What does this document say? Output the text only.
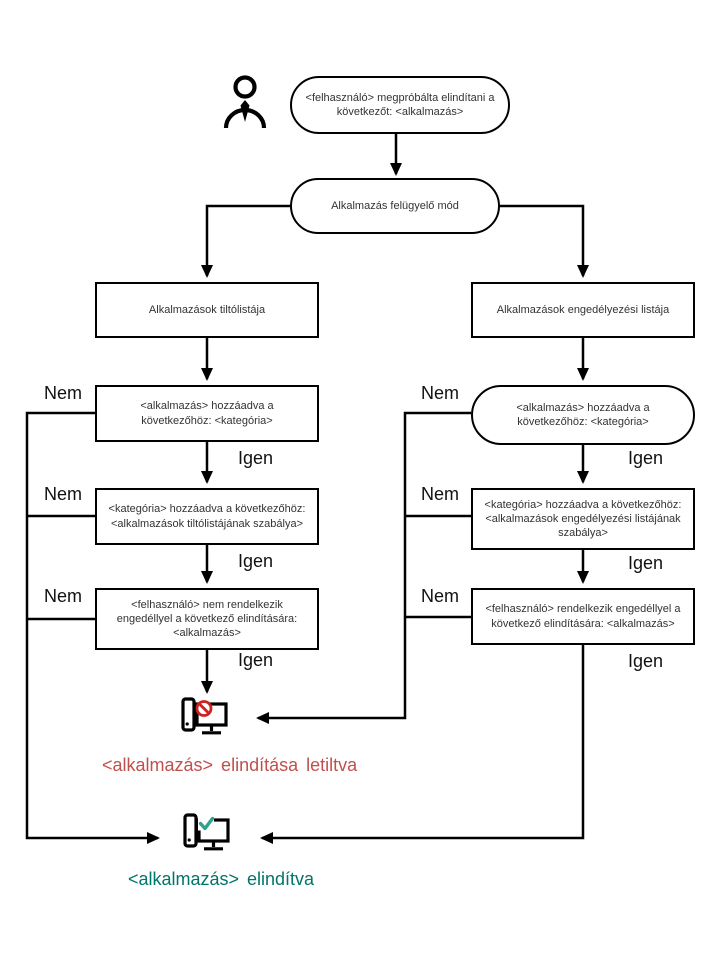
<felhasználó> megpróbálta elindítani a következőt: <alkalmazás>
Alkalmazás felügyelő mód
Alkalmazások tiltólistája	Alkalmazások engedélyezési listája
<alkalmazás> hozzáadva a következőhöz: <kategória>
<alkalmazás> hozzáadva a következőhöz: <kategória>
<kategória> hozzáadva a következőhöz: <alkalmazások tiltólistájának szabálya>
<kategória> hozzáadva a következőhöz: <alkalmazások engedélyezési listájának szabálya>
<felhasználó> nem rendelkezik engedéllyel a következő elindítására: <alkalmazás>
<felhasználó> rendelkezik engedéllyel a következő elindítására: <alkalmazás>
Nem
Nem
Nem
Nem
Nem
Nem
Igen
Igen
Igen
Igen
Igen
Igen
<alkalmazás> elindítása letiltva
<alkalmazás> elindítva
